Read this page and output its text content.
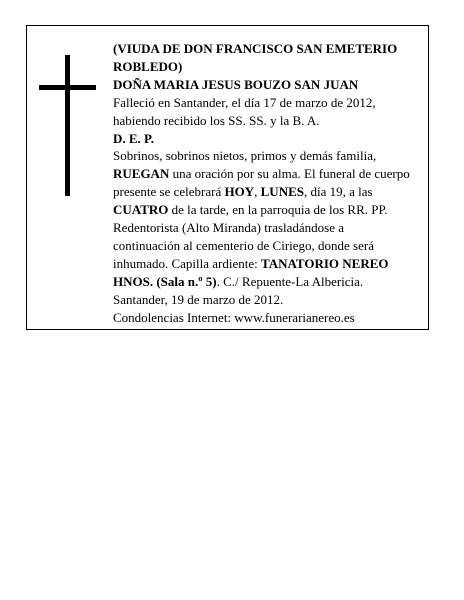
(VIUDA DE DON FRANCISCO SAN EMETERIO ROBLEDO)

DOÑA MARIA JESUS BOUZO SAN JUAN

Falleció en Santander, el día 17 de marzo de 2012, habiendo recibido los SS. SS. y la B. A.

D. E. P.

Sobrinos, sobrinos nietos, primos y demás familia, RUEGAN una oración por su alma. El funeral de cuerpo presente se celebrará HOY, LUNES, día 19, a las CUATRO de la tarde, en la parroquia de los RR. PP. Redentorista (Alto Miranda) trasladándose a continuación al cementerio de Ciriego, donde será inhumado. Capilla ardiente: TANATORIO NEREO HNOS. (Sala n.º 5). C./ Repuente-La Albericia.

Santander, 19 de marzo de 2012.

Condolencias Internet: www.funerarianereo.es
